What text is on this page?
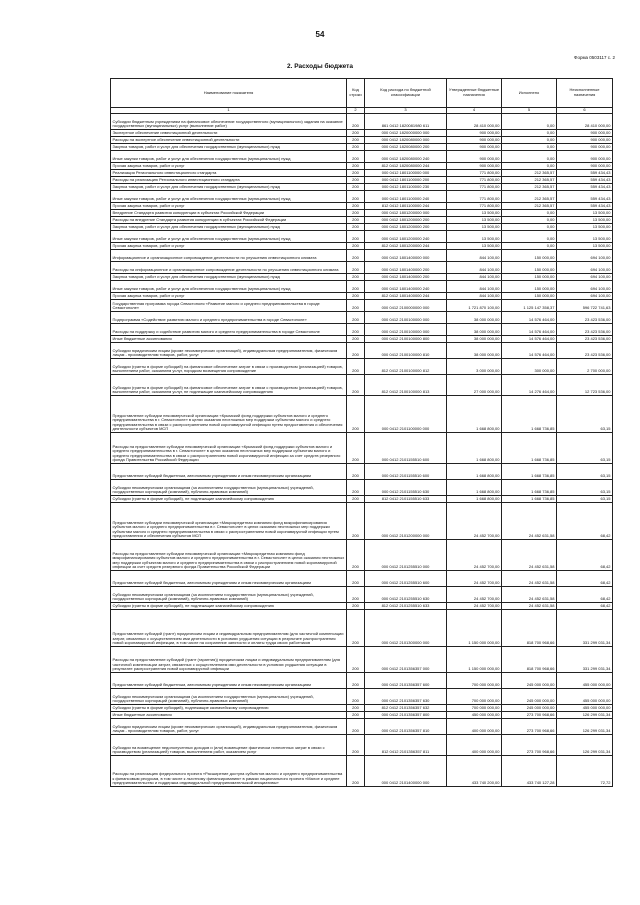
54
Форма 0503117 с. 2
2. Расходы бюджета
Наименование показателя	Код строки	Код расхода по бюджетной классификации	Утвержденные бюджетные назначения	Исполнено	Неисполненные назначения
1	2	3	4	5	6
Субсидии бюджетным учреждениям на финансовое обеспечение государственного (муниципального) задания на оказание государственных (муниципальных) услуг (выполнение работ)	200	861 0412 1820081980 611	28 410 000,00	0,00	28 410 000,00
Экспертное обеспечение инвестиционной деятельности	200	000 0412 1820000000 000	900 000,00	0,00	900 000,00
Расходы на экспертное обеспечение инвестиционной деятельности	200	000 0412 1820080000 000	900 000,00	0,00	900 000,00
Закупка товаров, работ и услуг для обеспечения государственных (муниципальных) нужд	200	000 0412 1820080000 200	900 000,00	0,00	900 000,00
Иные закупки товаров, работ и услуг для обеспечения государственных (муниципальных) нужд	200	000 0412 1820080000 240	900 000,00	0,00	900 000,00
Прочая закупка товаров, работ и услуг	200	812 0412 1820080000 244	900 000,00	0,00	900 000,00
Реализация Регионального инвестиционного стандарта	200	000 0412 1801100000 000	771 800,00	212 365,57	559 434,43
Расходы на реализацию Регионального инвестиционного стандарта	200	000 0412 1801100000 200	771 800,00	212 365,57	559 434,43
Закупка товаров, работ и услуг для обеспечения государственных (муниципальных) нужд	200	000 0412 1801100000 230	771 800,00	212 365,57	559 434,43
Иные закупки товаров, работ и услуг для обеспечения государственных (муниципальных) нужд	200	000 0412 1801100000 240	771 800,00	212 365,57	559 434,43
Прочая закупка товаров, работ и услуг	200	812 0412 1801100000 244	771 800,00	212 365,57	559 434,43
Внедрение Стандарта развития конкуренции в субъектах Российской Федерации	200	000 0412 1801200000 000	13 500,00	0,00	13 500,00
Расходы на внедрение Стандарта развития конкуренции в субъектах Российской Федерации	200	000 0412 1801200000 200	13 500,00	0,00	13 500,00
Закупка товаров, работ и услуг для обеспечения государственных (муниципальных) нужд	200	000 0412 1801200000 200	13 500,00	0,00	13 500,00
Иные закупки товаров, работ и услуг для обеспечения государственных (муниципальных) нужд	200	000 0412 1801200000 240	13 500,00	0,00	13 500,00
Прочая закупка товаров, работ и услуг	200	812 0412 1801200000 244	13 500,00	0,00	13 500,00
Информационное и организационное сопровождение деятельности по улучшению инвестиционного климата	200	000 0412 1801400000 000	844 100,00	150 000,00	694 100,00
Расходы на информационное и организационное сопровождение деятельности по улучшению инвестиционного климата	200	000 0412 1801400000 200	844 100,00	150 000,00	694 100,00
Закупка товаров, работ и услуг для обеспечения государственных (муниципальных) нужд	200	000 0412 1801400000 200	844 100,00	150 000,00	694 100,00
Иные закупки товаров, работ и услуг для обеспечения государственных (муниципальных) нужд	200	000 0412 1801400000 240	844 100,00	150 000,00	694 100,00
Прочая закупка товаров, работ и услуг	200	812 0412 1801400000 244	844 100,00	150 000,00	694 100,00
Государственная программа города Севастополя «Развитие малого и среднего предпринимательства в городе Севастополе»	200	000 0412 2100000000 000	1 721 870 100,00	1 125 147 358,37	596 722 741,63
Подпрограмма «Содействие развитию малого и среднего предпринимательства в городе Севастополе»	200	000 0412 2100100000 000	38 000 000,00	14 576 464,00	23 423 536,00
Расходы на поддержку и содействие развитию малого и среднего предпринимательства в городе Севастополе	200	000 0412 2100100000 000	38 000 000,00	14 576 464,00	23 423 536,00
Иные бюджетные ассигнования	200	000 0412 2100100000 800	38 000 000,00	14 576 464,00	23 423 536,00
Субсидии юридическим лицам (кроме некоммерческих организаций), индивидуальным предпринимателям, физическим лицам - производителям товаров, работ, услуг	200	000 0412 2100100000 810	38 000 000,00	14 576 464,00	23 423 536,00
Субсидии (гранты в форме субсидий) на финансовое обеспечение затрат в связи с производством (реализацией) товаров, выполнением работ, оказанием услуг, порядком возмещения сопровождение	200	812 0412 2100100000 812	3 000 000,00	300 000,00	2 700 000,00
Субсидии (гранты в форме субсидий) на финансовое обеспечение затрат в связи с производством (реализацией) товаров, выполнением работ, оказанием услуг, не подлежащие казначейскому сопровождению	200	812 0412 2100100000 813	27 000 000,00	14 276 464,00	12 723 536,00
Предоставление субсидии некоммерческой организации «Крымский фонд поддержки субъектов малого и среднего предпринимательства в г. Севастополе» в целях оказания неотложных мер поддержки субъектам малого и среднего предпринимательства в связи с распространением новой коронавирусной инфекции путем предоставления и обеспечения деятельности субъектов МСП	200	000 0412 2101100000 000	1 668 800,00	1 668 736,85	63,15
Расходы на предоставление субсидии некоммерческой организации «Крымский фонд поддержки субъектов малого и среднего предпринимательства в г. Севастополе» в целях оказания неотложных мер поддержки субъектам малого и среднего предпринимательства в связи с распространением новой коронавирусной инфекции за счет средств резервного фонда Правительства Российской Федерации	200	000 0412 2101155510 600	1 668 800,00	1 668 736,85	63,15
Предоставление субсидий бюджетным, автономным учреждениям и иным некоммерческим организациям	200	000 0412 2101155510 600	1 668 800,00	1 668 736,85	63,15
Субсидии некоммерческим организациям (за исключением государственных (муниципальных) учреждений, государственных корпораций (компаний), публично-правовых компаний)	200	000 0412 2101155510 630	1 668 800,00	1 668 736,85	63,15
Субсидии (гранты в форме субсидий), не подлежащие казначейскому сопровождению	200	812 0412 2101155510 633	1 668 800,00	1 668 736,85	63,15
Предоставление субсидии некоммерческой организации «Микрокредитная компания фонд микрофинансирования субъектов малого и среднего предпринимательства в г. Севастополе» в целях оказания неотложных мер поддержки субъектам малого и среднего предпринимательства в связи с распространением новой коронавирусной инфекции путем предоставления и обеспечения субъектов МСП	200	000 0412 2101200000 000	24 452 700,00	24 452 631,58	68,42
Расходы на предоставление субсидии некоммерческой организации «Микрокредитная компания фонд микрофинансирования субъектов малого и среднего предпринимательства в г. Севастополе» в целях оказания неотложных мер поддержки субъектам малого и среднего предпринимательства в связи с распространением новой коронавирусной инфекции за счет средств резервного фонда Правительства Российской Федерации	200	000 0412 2101255510 000	24 452 700,00	24 452 631,58	68,42
Предоставление субсидий бюджетным, автономным учреждениям и иным некоммерческим организациям	200	000 0412 2101255510 600	24 452 700,00	24 452 631,58	68,42
Субсидии некоммерческим организациям (за исключением государственных (муниципальных) учреждений, государственных корпораций (компаний), публично-правовых компаний)	200	000 0412 2101255510 630	24 452 700,00	24 452 631,58	68,42
Субсидии (гранты в форме субсидий), не подлежащие казначейскому сопровождению	200	812 0412 2101255510 633	24 452 700,00	24 452 631,58	68,42
Предоставление субсидий (грант) юридическим лицам и индивидуальным предпринимателям (для частичной компенсации затрат, связанных с осуществлением ими деятельности в условиях ухудшения ситуации в результате распространения новой коронавирусной инфекции, в том числе на сохранение занятости и оплаты труда своих работников	200	000 0412 2101300000 000	1 150 000 000,00	818 700 968,66	331 299 031,34
Расходы на предоставление субсидий (грант (гарантия)) юридическим лицам и индивидуальным предпринимателям (для частичной компенсации затрат, связанных с осуществлением ими деятельности в условиях ухудшения ситуации в результате распространения новой коронавирусной инфекции	200	000 0412 2101356357 000	1 150 000 000,00	818 700 968,66	331 299 031,34
Предоставление субсидий бюджетным, автономным учреждениям и иным некоммерческим организациям	200	000 0412 2101356357 600	700 000 000,00	245 000 000,00	455 000 000,00
Субсидии некоммерческим организациям (за исключением государственных (муниципальных) учреждений, государственных корпораций (компаний), публично-правовых компаний)	200	000 0412 2101356357 630	700 000 000,00	245 000 000,00	455 000 000,00
Субсидии (гранты в форме субсидий), подлежащие казначейскому сопровождению	200	812 0412 2101356357 632	700 000 000,00	245 000 000,00	455 000 000,00
Иные бюджетные ассигнования	200	000 0412 2101356357 800	450 000 000,00	273 700 968,66	126 299 031,34
Субсидии юридическим лицам (кроме некоммерческих организаций), индивидуальным предпринимателям, физическим лицам - производителям товаров, работ, услуг	200	000 0412 2101356357 810	400 000 000,00	273 700 968,66	126 299 031,34
Субсидии на возмещение недополученных доходов и (или) возмещение фактически понесенных затрат в связи с производством (реализацией) товаров, выполнением работ, оказанием услуг	200	812 0412 2101356357 811	400 000 000,00	273 700 968,66	126 299 031,34
Расходы на реализацию федерального проекта «Расширение доступа субъектов малого и среднего предпринимательства к финансовым ресурсам, в том числе к льготному финансированию» в рамках национального проекта «Малое и среднее предпринимательство и поддержка индивидуальной предпринимательской инициативы»	200	000 0412 2101400000 000	433 740 200,00	433 740 127,28	72,72
